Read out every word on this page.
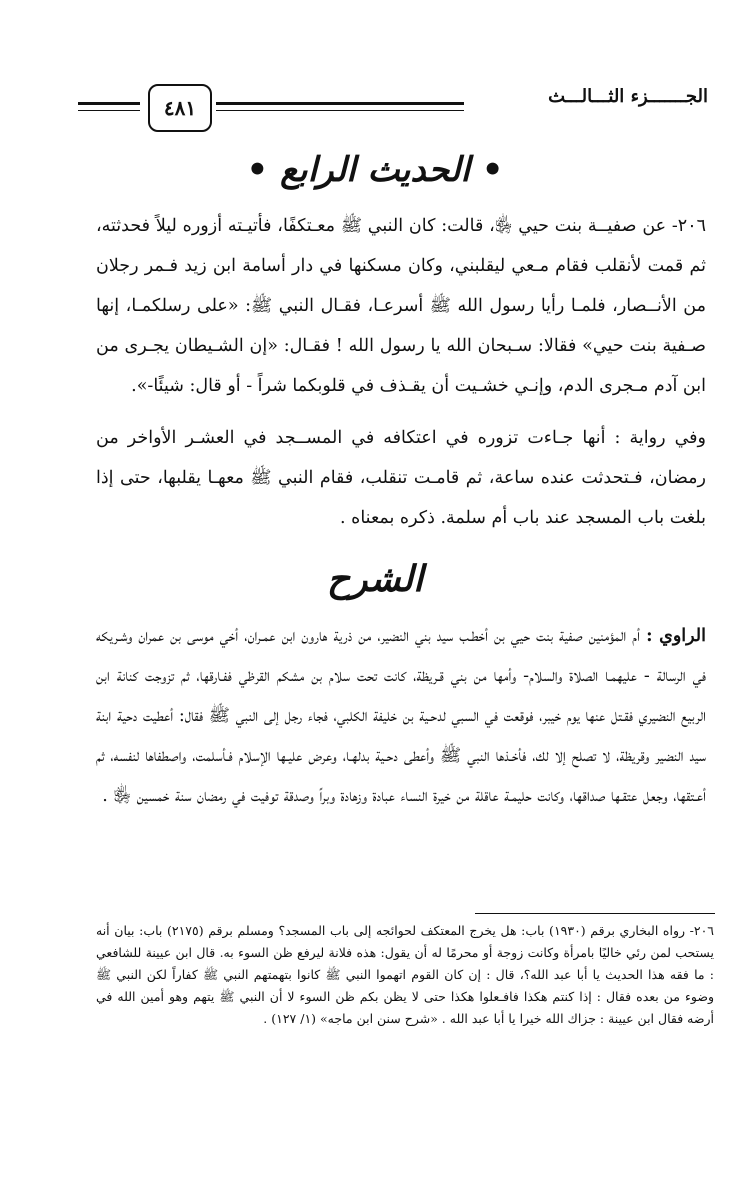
٤٨١	الجـــــــزء الثـــالـــث
• الحديث الرابع •
٢٠٦- عن صفيــة بنت حيي ﵂، قالت: كان النبي ﷺ معـتكفًا، فأتيـته أزوره ليلاً فحدثته، ثم قمت لأنقلب فقام مـعي ليقلبني، وكان مسكنها في دار أسامة ابن زيد فـمر رجلان من الأنــصار، فلمـا رأيا رسول الله ﷺ أسرعـا، فقـال النبي ﷺ: «على رسلكمـا، إنها صـفية بنت حيي» فقالا: سـبحان الله يا رسول الله ! فقـال: «إن الشـيطان يجـرى من ابن آدم مـجرى الدم، وإنـي خشـيت أن يقـذف في قلوبكما شراً - أو قال: شيئًا-».
وفي رواية : أنها جـاءت تزوره في اعتكافه في المســجد في العشـر الأواخر من رمضان، فـتحدثت عنده ساعة، ثم قامـت تنقلب، فقام النبي ﷺ معهـا يقلبها، حتى إذا بلغت باب المسجد عند باب أم سلمة. ذكره بمعناه .
الشرح
الراوي : أم المؤمنين صفية بنت حيي بن أخطـب سيد بني النضير، من ذرية هارون ابن عمـران، أخي موسى بن عمران وشـريكه في الرسالة - عليهمـا الصلاة والسلام- وأمها من بني قـريظة، كانت تحت سلام بن مشكم القرظي ففـارقها، ثم تزوجت كنانة ابن الربيع النضيري فقـتل عنها يوم خيبر، فوقعت في السبي لدحـية بن خليفة الكلبي، فجاء رجل إلى النبي ﷺ فقال: أعطيت دحية ابنة سيد النضير وقريظة، لا تصلح إلا لك، فأخـذها النبي ﷺ وأعطى دحـية بدلهـا، وعرض عليـها الإسلام فـأسلمت، واصطفاها لنفسه، ثم أعـتقها، وجعل عتقـها صداقها، وكانت حليمـة عاقلة من خيرة النساء عبادة وزهادة وبراً وصدقة توفيت في رمضان سنة خمسين ﵂ .
٢٠٦- رواه البخاري برقم (١٩٣٠) باب: هل يخرج المعتكف لحوائجه إلى باب المسجد؟ ومسلم برقم (٢١٧٥) باب: بيان أنه يستحب لمن رئي خاليًا بامرأة وكانت زوجة أو محرمًا له أن يقول: هذه فلانة ليرفع ظن السوء به. قال ابن عيينة للشافعي : ما فقه هذا الحديث يا أبا عبد الله؟، قال : إن كان القوم اتهموا النبي ﷺ كانوا بتهمتهم النبي ﷺ كفاراً لكن النبي ﷺ وضوء من بعده فقال : إذا كنتم هكذا فافـعلوا هكذا حتى لا يظن بكم ظن السوء لا أن النبي ﷺ يتهم وهو أمين الله في أرضه فقال ابن عيينة : جزاك الله خيرا يا أبا عبد الله . «شرح سنن ابن ماجه» (١/ ١٢٧) .
